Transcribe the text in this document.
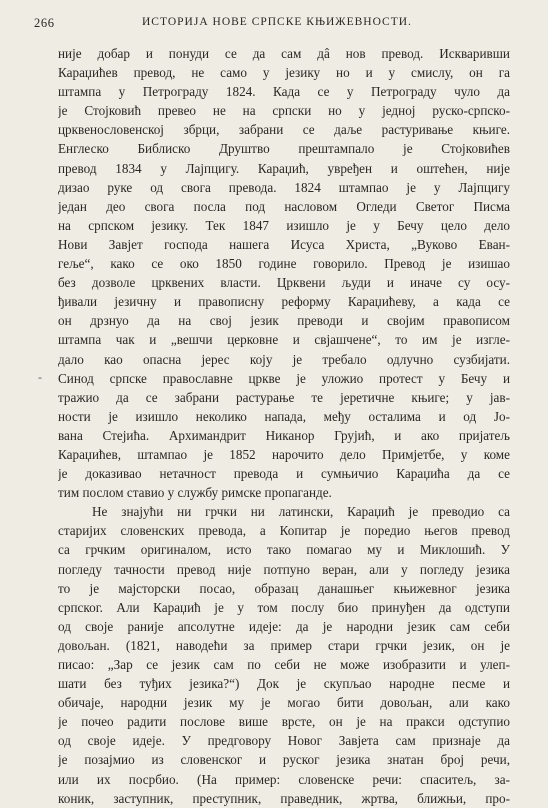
266	ИСТОРИЈА НОВЕ СРПСКЕ КЊИЖЕВНОСТИ.
-
није добар и понуди се да сам дâ нов превод. Искваривши
Караџићев превод, не само у језику но и у смислу, он га
штампа у Петрограду 1824. Када се у Петрограду чуло да
је Стојковић превео не на српски но у једној руско-српско-
црквенословенској збрци, забрани се даље растуривање књиге.
Енглеско Библиско Друштво прештампало је Стојковићев
превод 1834 у Лајпцигу. Караџић, увређен и оштећен, није
дизао руке од свога превода. 1824 штампао је у Лајпцигу
један део свога посла под насловом Огледи Светог Писма
на српском језику. Тек 1847 изишло је у Бечу цело дело
Нови Завјет господа нашега Исуса Христа, „Вуково Еван-
геље“, како се око 1850 године говорило. Превод је изишао
без дозволе црквених власти. Црквени људи и иначе су осу-
ђивали језичну и правописну реформу Караџићеву, а када се
он дрзнуо да на свој језик преводи и својим правописом
штампа чак и „вешчи церковне и свјашчене“, то им је изгле-
дало као опасна јерес коју је требало одлучно сузбијати.
Синод српске православне цркве је уложио протест у Бечу и
тражио да се забрани растурање те јеретичне књиге; у јав-
ности је изишло неколико напада, међу осталима и од Јо-
вана Стејића. Архимандрит Никанор Грујић, и ако пријатељ
Караџићев, штампао је 1852 нарочито дело Примјетбе, у коме
је доказивао нетачност превода и сумњичио Караџића да се
тим послом ставио у службу римске пропаганде.
Не знајући ни грчки ни латински, Караџић је преводио са
старијих словенских превода, а Копитар је поредио његов превод
са грчким оригиналом, исто тако помагао му и Миклошић. У
погледу тачности превод није потпуно веран, али у погледу језика
то је мајсторски посао, образац данашњег књижевног језика
српског. Али Караџић је у том послу био принуђен да одступи
од своје раније апсолутне идеје: да је народни језик сам себи
довољан. (1821, наводећи за пример стари грчки језик, он је
писао: „Зар се језик сам по себи не може изобразити и улеп-
шати без туђих језика?“) Док је скупљао народне песме и
обичаје, народни језик му је могао бити довољан, али како
је почео радити послове више врсте, он је на пракси одступио
од своје идеје. У предговору Новог Завјета сам признаје да
је позајмио из словенског и руског језика знатан број речи,
или их посрбио. (На пример: словенске речи: спаситељ, за-
коник, заступник, преступник, праведник, жртва, ближњи, про-
